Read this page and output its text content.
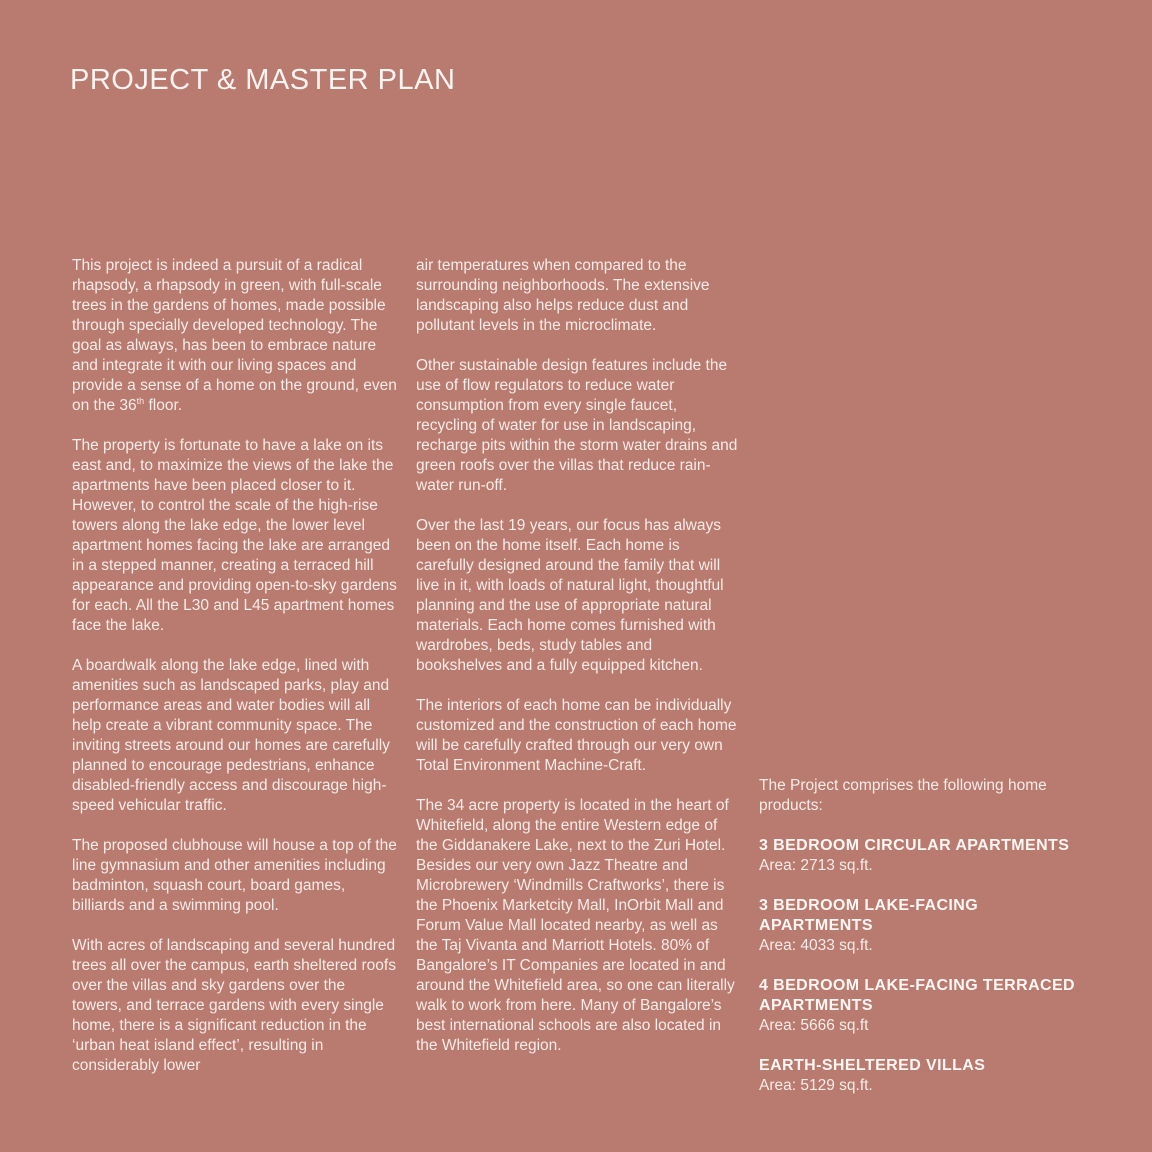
PROJECT & MASTER PLAN

This project is indeed a pursuit of a radical rhapsody, a rhapsody in green, with full-scale trees in the gardens of homes, made possible through specially developed technology. The goal as always, has been to embrace nature and integrate it with our living spaces and provide a sense of a home on the ground, even on the 36th floor.

The property is fortunate to have a lake on its east and, to maximize the views of the lake the apartments have been placed closer to it. However, to control the scale of the high-rise towers along the lake edge, the lower level apartment homes facing the lake are arranged in a stepped manner, creating a terraced hill appearance and providing open-to-sky gardens for each. All the L30 and L45 apartment homes face the lake.

A boardwalk along the lake edge, lined with amenities such as landscaped parks, play and performance areas and water bodies will all help create a vibrant community space. The inviting streets around our homes are carefully planned to encourage pedestrians, enhance disabled-friendly access and discourage high-speed vehicular traffic.

The proposed clubhouse will house a top of the line gymnasium and other amenities including badminton, squash court, board games, billiards and a swimming pool.

With acres of landscaping and several hundred trees all over the campus, earth sheltered roofs over the villas and sky gardens over the towers, and terrace gardens with every single home, there is a significant reduction in the ‘urban heat island effect’, resulting in considerably lower

air temperatures when compared to the surrounding neighborhoods. The extensive landscaping also helps reduce dust and pollutant levels in the microclimate.

Other sustainable design features include the use of flow regulators to reduce water consumption from every single faucet, recycling of water for use in landscaping, recharge pits within the storm water drains and green roofs over the villas that reduce rain-water run-off.

Over the last 19 years, our focus has always been on the home itself. Each home is carefully designed around the family that will live in it, with loads of natural light, thoughtful planning and the use of appropriate natural materials. Each home comes furnished with wardrobes, beds, study tables and bookshelves and a fully equipped kitchen.

The interiors of each home can be individually customized and the construction of each home will be carefully crafted through our very own Total Environment Machine-Craft.

The 34 acre property is located in the heart of Whitefield, along the entire Western edge of the Giddanakere Lake, next to the Zuri Hotel. Besides our very own Jazz Theatre and Microbrewery ‘Windmills Craftworks’, there is the Phoenix Marketcity Mall, InOrbit Mall and Forum Value Mall located nearby, as well as the Taj Vivanta and Marriott Hotels. 80% of Bangalore’s IT Companies are located in and around the Whitefield area, so one can literally walk to work from here. Many of Bangalore’s best international schools are also located in the Whitefield region.

The Project comprises the following home products:

3 BEDROOM CIRCULAR APARTMENTS
Area: 2713 sq.ft.
3 BEDROOM LAKE-FACING APARTMENTS
Area: 4033 sq.ft.
4 BEDROOM LAKE-FACING TERRACED APARTMENTS
Area: 5666 sq.ft
EARTH-SHELTERED VILLAS
Area: 5129 sq.ft.
